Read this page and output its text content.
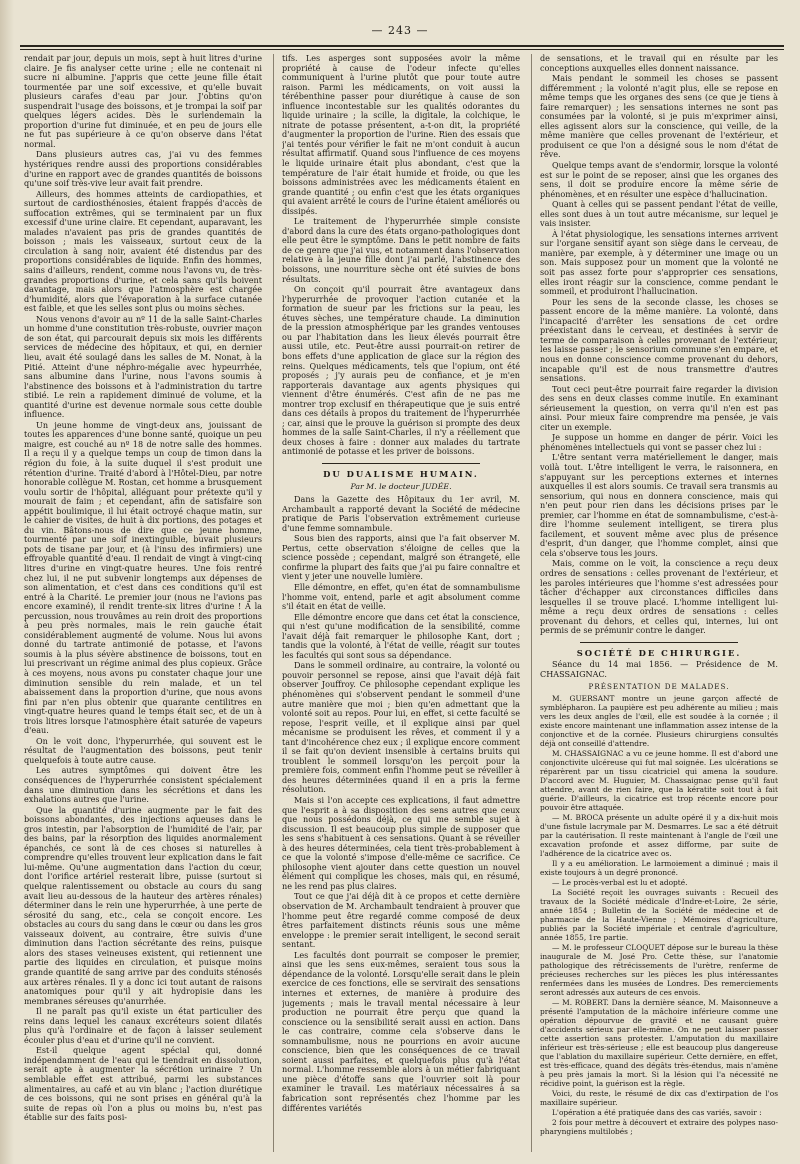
— 243 —

rendait par jour, depuis un mois, sept à huit litres d'urine claire. Je fis analyser cette urine ; elle ne contenait ni sucre ni albumine. J'appris que cette jeune fille était tourmentée par une soif excessive, et qu'elle buvait plusieurs carafes d'eau par jour. J'obtins qu'on suspendrait l'usage des boissons, et je trompai la soif par quelques légers acides. Dès le surlendemain la proportion d'urine fut diminuée, et en peu de jours elle ne fut pas supérieure à ce qu'on observe dans l'état normal.

Dans plusieurs autres cas, j'ai vu des femmes hystériques rendre aussi des proportions considérables d'urine en rapport avec de grandes quantités de boissons qu'une soif très-vive leur avait fait prendre.

Ailleurs, des hommes atteints de cardiopathies, et surtout de cardiosthénosies, étaient frappés d'accès de suffocation extrêmes, qui se terminaient par un flux excessif d'une urine claire. Et cependant, auparavant, les malades n'avaient pas pris de grandes quantités de boisson ; mais les vaisseaux, surtout ceux de la circulation à sang noir, avaient été distendus par des proportions considérables de liquide. Enfin des hommes, sains d'ailleurs, rendent, comme nous l'avons vu, de très-grandes proportions d'urine, et cela sans qu'ils boivent davantage, mais alors que l'atmosphère est chargée d'humidité, alors que l'évaporation à la surface cutanée est faible, et que les selles sont plus ou moins sèches.

Nous venons d'avoir au nº 11 de la salle Saint-Charles un homme d'une constitution très-robuste, ouvrier maçon de son état, qui parcourait depuis six mois les différents services de médecine des hôpitaux, et qui, en dernier lieu, avait été soulagé dans les salles de M. Nonat, à la Pitié. Atteint d'une néphro-mégalie avec hypeurrhée, sans albumine dans l'urine, nous l'avons soumis à l'abstinence des boissons et à l'administration du tartre stibié. Le rein a rapidement diminué de volume, et la quantité d'urine est devenue normale sous cette double influence.

Un jeune homme de vingt-deux ans, jouissant de toutes les apparences d'une bonne santé, quoique un peu maigre, est couché au nº 18 de notre salle des hommes. Il a reçu il y a quelque temps un coup de timon dans la région du foie, à la suite duquel il s'est produit une rétention d'urine. Traité d'abord à l'Hôtel-Dieu, par notre honorable collègue M. Rostan, cet homme a brusquement voulu sortir de l'hôpital, alléguant pour prétexte qu'il y mourait de faim ; et cependant, afin de satisfaire son appétit boulimique, il lui était octroyé chaque matin, sur le cahier de visites, de huit à dix portions, des potages et du vin. Bâtons-nous de dire que ce jeune homme, tourmenté par une soif inextinguible, buvait plusieurs pots de tisane par jour, et (à l'insu des infirmiers) une effroyable quantité d'eau. Il rendait de vingt à vingt-cinq litres d'urine en vingt-quatre heures. Une fois rentré chez lui, il ne put subvenir longtemps aux dépenses de son alimentation, et c'est dans ces conditions qu'il est entré à la Charité. Le premier jour (nous ne l'avions pas encore examiné), il rendit trente-six litres d'urine ! À la percussion, nous trouvâmes au rein droit des proportions à peu près normales, mais le rein gauche était considérablement augmenté de volume. Nous lui avons donné du tartrate antimonié de potasse, et l'avons soumis à la plus sévère abstinence de boissons, tout en lui prescrivant un régime animal des plus copieux. Grâce à ces moyens, nous avons pu constater chaque jour une diminution sensible du rein malade, et un tel abaissement dans la proportion d'urine, que nous avons fini par n'en plus obtenir que quarante centilitres en vingt-quatre heures quand le temps était sec, et de un à trois litres lorsque l'atmosphère était saturée de vapeurs d'eau.

On le voit donc, l'hyperurrhée, qui souvent est le résultat de l'augmentation des boissons, peut tenir quelquefois à toute autre cause.

Les autres symptômes qui doivent être les conséquences de l'hyperurrhée consistent spécialement dans une diminution dans les sécrétions et dans les exhalations autres que l'urine.

Que la quantité d'urine augmente par le fait des boissons abondantes, des injections aqueuses dans le gros intestin, par l'absorption de l'humidité de l'air, par des bains, par la résorption des liquides anormalement épanchés, ce sont là de ces choses si naturelles à comprendre qu'elles trouvent leur explication dans le fait lui-même. Qu'une augmentation dans l'action du cœur, dont l'orifice artériel resterait libre, puisse (surtout si quelque ralentissement ou obstacle au cours du sang avait lieu au-dessous de la hauteur des artères rénales) déterminer dans le rein une hyperurrhée, à une perte de sérosité du sang, etc., cela se conçoit encore. Les obstacles au cours du sang dans le cœur ou dans les gros vaisseaux doivent, au contraire, être suivis d'une diminution dans l'action sécrétante des reins, puisque alors des stases veineuses existent, qui retiennent une partie des liquides en circulation, et puisque moins grande quantité de sang arrive par des conduits sténosés aux artères rénales. Il y a donc ici tout autant de raisons anatomiques pour qu'il y ait hydropisie dans les membranes séreuses qu'anurrhée.

Il ne paraît pas qu'il existe un état particulier des reins dans lequel les canaux excréteurs soient dilatés plus qu'à l'ordinaire et de façon à laisser seulement écouler plus d'eau et d'urine qu'il ne convient.

Est-il quelque agent spécial qui, donné indépendamment de l'eau qui le tiendrait en dissolution, serait apte à augmenter la sécrétion urinaire ? Un semblable effet est attribué, parmi les substances alimentaires, au café et au vin blanc ; l'action diurétique de ces boissons, qui ne sont prises en général qu'à la suite de repas où l'on a plus ou moins bu, n'est pas établie sur des faits posi-

tifs. Les asperges sont supposées avoir la même propriété à cause de l'odeur infecte qu'elles communiquent à l'urine plutôt que pour toute autre raison. Parmi les médicaments, on voit aussi la térébenthine passer pour diurétique à cause de son influence incontestable sur les qualités odorantes du liquide urinaire ; la scille, la digitale, la colchique, le nitrate de potasse présentent, a-t-on dit, la propriété d'augmenter la proportion de l'urine. Rien des essais que j'ai tentés pour vérifier le fait ne m'ont conduit à aucun résultat affirmatif. Quand sous l'influence de ces moyens le liquide urinaire était plus abondant, c'est que la température de l'air était humide et froide, ou que les boissons administrées avec les médicaments étaient en grande quantité ; ou enfin c'est que les états organiques qui avaient arrêté le cours de l'urine étaient améliorés ou dissipés.

Le traitement de l'hyperurrhée simple consiste d'abord dans la cure des états organo-pathologiques dont elle peut être le symptôme. Dans le petit nombre de faits de ce genre que j'ai vus, et notamment dans l'observation relative à la jeune fille dont j'ai parlé, l'abstinence des boissons, une nourriture sèche ont été suivies de bons résultats.

On conçoit qu'il pourrait être avantageux dans l'hyperurrhée de provoquer l'action cutanée et la formation de sueur par les frictions sur la peau, les étuves sèches, une température chaude. La diminution de la pression atmosphérique par les grandes ventouses ou par l'habitation dans les lieux élevés pourrait être aussi utile, etc. Peut-être aussi pourrait-on retirer de bons effets d'une application de glace sur la région des reins. Quelques médicaments, tels que l'opium, ont été proposés ; j'y aurais peu de confiance, et je m'en rapporterais davantage aux agents physiques qui viennent d'être énumérés. C'est afin de ne pas me montrer trop exclusif en thérapeutique que je suis entré dans ces détails à propos du traitement de l'hyperurrhée ; car, ainsi que le prouve la guérison si prompte des deux hommes de la salle Saint-Charles, il n'y a réellement que deux choses à faire : donner aux malades du tartrate antimonié de potasse et les priver de boissons.

DU DUALISME HUMAIN.
Par M. le docteur JUDÉE.

Dans la Gazette des Hôpitaux du 1er avril, M. Archambault a rapporté devant la Société de médecine pratique de Paris l'observation extrêmement curieuse d'une femme somnambule.

Sous bien des rapports, ainsi que l'a fait observer M. Pertus, cette observation s'éloigne de celles que la science possède ; cependant, malgré son étrangeté, elle confirme la plupart des faits que j'ai pu faire connaître et vient y jeter une nouvelle lumière.

Elle démontre, en effet, qu'en état de somnambulisme l'homme voit, entend, parle et agit absolument comme s'il était en état de veille.

Elle démontre encore que dans cet état la conscience, qui n'est qu'une modification de la sensibilité, comme l'avait déjà fait remarquer le philosophe Kant, dort ; tandis que la volonté, à l'état de veille, réagit sur toutes les facultés qui sont sous sa dépendance.

Dans le sommeil ordinaire, au contraire, la volonté ou pouvoir personnel se repose, ainsi que l'avait déjà fait observer Jouffroy. Ce philosophe cependant explique les phénomènes qui s'observent pendant le sommeil d'une autre manière que moi ; bien qu'en admettant que la volonté soit au repos. Pour lui, en effet, si cette faculté se repose, l'esprit veille, et il explique ainsi par quel mécanisme se produisent les rêves, et comment il y a tant d'incohérence chez eux ; il explique encore comment il se fait qu'on devient insensible à certains bruits qui troublent le sommeil lorsqu'on les perçoit pour la première fois, comment enfin l'homme peut se réveiller à des heures déterminées quand il en a pris la ferme résolution.

Mais si l'on accepte ces explications, il faut admettre que l'esprit a à sa disposition des sens autres que ceux que nous possédons déjà, ce qui me semble sujet à discussion. Il est beaucoup plus simple de supposer que les sens s'habituent à ces sensations. Quant à se réveiller à des heures déterminées, cela tient très-probablement à ce que la volonté s'impose d'elle-même ce sacrifice. Ce philosophe vient ajouter dans cette question un nouvel élément qui complique les choses, mais qui, en résumé, ne les rend pas plus claires.

Tout ce que j'ai déjà dit à ce propos et cette dernière observation de M. Archambault tendraient à prouver que l'homme peut être regardé comme composé de deux êtres parfaitement distincts réunis sous une même enveloppe : le premier serait intelligent, le second serait sentant.

Les facultés dont pourrait se composer le premier, ainsi que les sens eux-mêmes, seraient tous sous la dépendance de la volonté. Lorsqu'elle serait dans le plein exercice de ces fonctions, elle se servirait des sensations internes et externes, de manière à produire des jugements ; mais le travail mental nécessaire à leur production ne pourrait être perçu que quand la conscience ou la sensibilité serait aussi en action. Dans le cas contraire, comme cela s'observe dans le somnambulisme, nous ne pourrions en avoir aucune conscience, bien que les conséquences de ce travail soient aussi parfaites, et quelquefois plus qu'à l'état normal. L'homme ressemble alors à un métier fabriquant une pièce d'étoffe sans que l'ouvrier soit là pour examiner le travail. Les matériaux nécessaires à sa fabrication sont représentés chez l'homme par les différentes variétés

de sensations, et le travail qui en résulte par les conceptions auxquelles elles donnent naissance.

Mais pendant le sommeil les choses se passent différemment ; la volonté n'agit plus, elle se repose en même temps que les organes des sens (ce que je tiens à faire remarquer) ; les sensations internes ne sont pas consumées par la volonté, si je puis m'exprimer ainsi, elles agissent alors sur la conscience, qui veille, de la même manière que celles provenant de l'extérieur, et produisent ce que l'on a désigné sous le nom d'état de rêve.

Quelque temps avant de s'endormir, lorsque la volonté est sur le point de se reposer, ainsi que les organes des sens, il doit se produire encore la même série de phénomènes, et en résulter une espèce d'hallucination.

Quant à celles qui se passent pendant l'état de veille, elles sont dues à un tout autre mécanisme, sur lequel je vais insister.

À l'état physiologique, les sensations internes arrivent sur l'organe sensitif ayant son siège dans le cerveau, de manière, par exemple, à y déterminer une image ou un son. Mais supposez pour un moment que la volonté ne soit pas assez forte pour s'approprier ces sensations, elles iront réagir sur la conscience, comme pendant le sommeil, et produiront l'hallucination.

Pour les sens de la seconde classe, les choses se passent encore de la même manière. La volonté, dans l'incapacité d'arrêter les sensations de cet ordre préexistant dans le cerveau, et destinées à servir de terme de comparaison à celles provenant de l'extérieur, les laisse passer ; le sensorium commune s'en empare, et nous en donne conscience comme provenant du dehors, incapable qu'il est de nous transmettre d'autres sensations.

Tout ceci peut-être pourrait faire regarder la division des sens en deux classes comme inutile. En examinant sérieusement la question, on verra qu'il n'en est pas ainsi. Pour mieux faire comprendre ma pensée, je vais citer un exemple.

Je suppose un homme en danger de périr. Voici les phénomènes intellectuels qui vont se passer chez lui :

L'être sentant verra matériellement le danger, mais voilà tout. L'être intelligent le verra, le raisonnera, en s'appuyant sur les perceptions externes et internes auxquelles il est alors soumis. Ce travail sera transmis au sensorium, qui nous en donnera conscience, mais qui n'en peut pour rien dans les décisions prises par le premier, car l'homme en état de somnambulisme, c'est-à-dire l'homme seulement intelligent, se tirera plus facilement, et souvent même avec plus de présence d'esprit, d'un danger, que l'homme complet, ainsi que cela s'observe tous les jours.

Mais, comme on le voit, la conscience a reçu deux ordres de sensations : celles provenant de l'extérieur, et les paroles intérieures que l'homme s'est adressées pour tâcher d'échapper aux circonstances difficiles dans lesquelles il se trouve placé. L'homme intelligent lui-même a reçu deux ordres de sensations : celles provenant du dehors, et celles qui, internes, lui ont permis de se prémunir contre le danger.

SOCIÉTÉ DE CHIRURGIE.

Séance du 14 mai 1856. — Présidence de M. CHASSAIGNAC.

PRÉSENTATION DE MALADES.

M. GUERSANT montre un jeune garçon affecté de symblépharon. La paupière est peu adhérente au milieu ; mais vers les deux angles de l'œil, elle est soudée à la cornée ; il existe encore maintenant une inflammation assez intense de la conjonctive et de la cornée. Plusieurs chirurgiens consultés déjà ont conseillé d'attendre.

M. CHASSAIGNAC a vu ce jeune homme. Il est d'abord une conjonctivite ulcéreuse qui fut mal soignée. Les ulcérations se réparèrent par un tissu cicatriciel qui amena la soudure. D'accord avec M. Huguier, M. Chassaignac pense qu'il faut attendre, avant de rien faire, que la kératite soit tout à fait guérie. D'ailleurs, la cicatrice est trop récente encore pour pouvoir être attaquée.

— M. BROCA présente un adulte opéré il y a dix-huit mois d'une fistule lacrymale par M. Desmarres. Le sac a été détruit par la cautérisation. Il reste maintenant à l'angle de l'œil une excavation profonde et assez difforme, par suite de l'adhérence de la cicatrice avec os.

Il y a eu amélioration. Le larmoiement a diminué ; mais il existe toujours à un degré prononcé.

— Le procès-verbal est lu et adopté.

La Société reçoit les ouvrages suivants : Recueil des travaux de la Société médicale d'Indre-et-Loire, 2e série, année 1854 ; Bulletin de la Société de médecine et de pharmacie de la Haute-Vienne ; Mémoires d'agriculture, publiés par la Société impériale et centrale d'agriculture, année 1855, 1re partie.

— M. le professeur CLOQUET dépose sur le bureau la thèse inaugurale de M. José Pro. Cette thèse, sur l'anatomie pathologique des rétrécissements de l'urètre, renferme de précieuses recherches sur les pièces les plus intéressantes renfermées dans les musées de Londres. Des remerciements seront adressés aux auteurs de ces envois.

— M. ROBERT. Dans la dernière séance, M. Maisonneuve a présenté l'amputation de la mâchoire inférieure comme une opération dépourvue de gravité et ne causant guère d'accidents sérieux par elle-même. On ne peut laisser passer cette assertion sans protester. L'amputation du maxillaire inférieur est très-sérieuse ; elle est beaucoup plus dangereuse que l'ablation du maxillaire supérieur. Cette dernière, en effet, est très-efficace, quand des dégâts très-étendus, mais n'amène à peu près jamais la mort. Si la lésion qui l'a nécessité ne récidive point, la guérison est la règle.

Voici, du reste, le résumé de dix cas d'extirpation de l'os maxillaire supérieur.

L'opération a été pratiquée dans des cas variés, savoir :

2 fois pour mettre à découvert et extraire des polypes naso-pharyngiens multilobés ;
